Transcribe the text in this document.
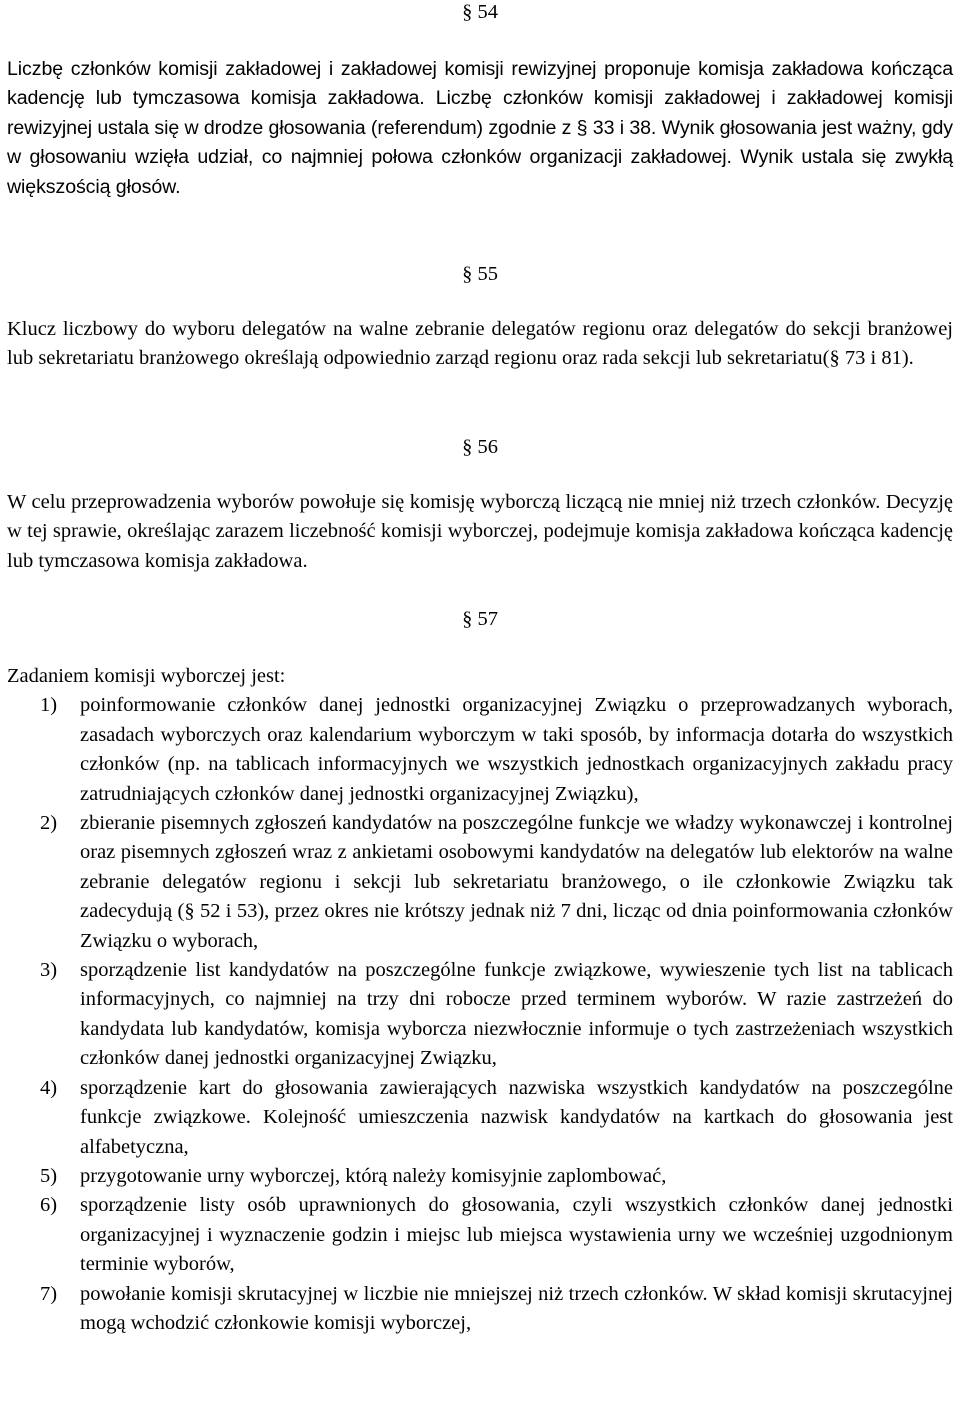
§ 54

Liczbę członków komisji zakładowej i zakładowej komisji rewizyjnej proponuje komisja zakładowa kończąca kadencję lub tymczasowa komisja zakładowa. Liczbę członków komisji zakładowej i zakładowej komisji rewizyjnej ustala się w drodze głosowania (referendum) zgodnie z § 33 i 38. Wynik głosowania jest ważny, gdy w głosowaniu wzięła udział, co najmniej połowa członków organizacji zakładowej. Wynik ustala się zwykłą większością głosów.

§ 55

Klucz liczbowy do wyboru delegatów na walne zebranie delegatów regionu oraz delegatów do sekcji branżowej lub sekretariatu branżowego określają odpowiednio zarząd regionu oraz rada sekcji lub sekretariatu(§ 73 i 81).

§ 56

W celu przeprowadzenia wyborów powołuje się komisję wyborczą liczącą nie mniej niż trzech członków. Decyzję w tej sprawie, określając zarazem liczebność komisji wyborczej, podejmuje komisja zakładowa kończąca kadencję lub tymczasowa komisja zakładowa.

§ 57
Zadaniem komisji wyborczej jest:
1) poinformowanie członków danej jednostki organizacyjnej Związku o przeprowadzanych wyborach, zasadach wyborczych oraz kalendarium wyborczym w taki sposób, by informacja dotarła do wszystkich członków (np. na tablicach informacyjnych we wszystkich jednostkach organizacyjnych zakładu pracy zatrudniających członków danej jednostki organizacyjnej Związku),
2) zbieranie pisemnych zgłoszeń kandydatów na poszczególne funkcje we władzy wykonawczej i kontrolnej oraz pisemnych zgłoszeń wraz z ankietami osobowymi kandydatów na delegatów lub elektorów na walne zebranie delegatów regionu i sekcji lub sekretariatu branżowego, o ile członkowie Związku tak zadecydują (§ 52 i 53), przez okres nie krótszy jednak niż 7 dni, licząc od dnia poinformowania członków Związku o wyborach,
3) sporządzenie list kandydatów na poszczególne funkcje związkowe, wywieszenie tych list na tablicach informacyjnych, co najmniej na trzy dni robocze przed terminem wyborów. W razie zastrzeżeń do kandydata lub kandydatów, komisja wyborcza niezwłocznie informuje o tych zastrzeżeniach wszystkich członków danej jednostki organizacyjnej Związku,
4) sporządzenie kart do głosowania zawierających nazwiska wszystkich kandydatów na poszczególne funkcje związkowe. Kolejność umieszczenia nazwisk kandydatów na kartkach do głosowania jest alfabetyczna,
5) przygotowanie urny wyborczej, którą należy komisyjnie zaplombować,
6) sporządzenie listy osób uprawnionych do głosowania, czyli wszystkich członków danej jednostki organizacyjnej i wyznaczenie godzin i miejsc lub miejsca wystawienia urny we wcześniej uzgodnionym terminie wyborów,
7) powołanie komisji skrutacyjnej w liczbie nie mniejszej niż trzech członków. W skład komisji skrutacyjnej mogą wchodzić członkowie komisji wyborczej,
